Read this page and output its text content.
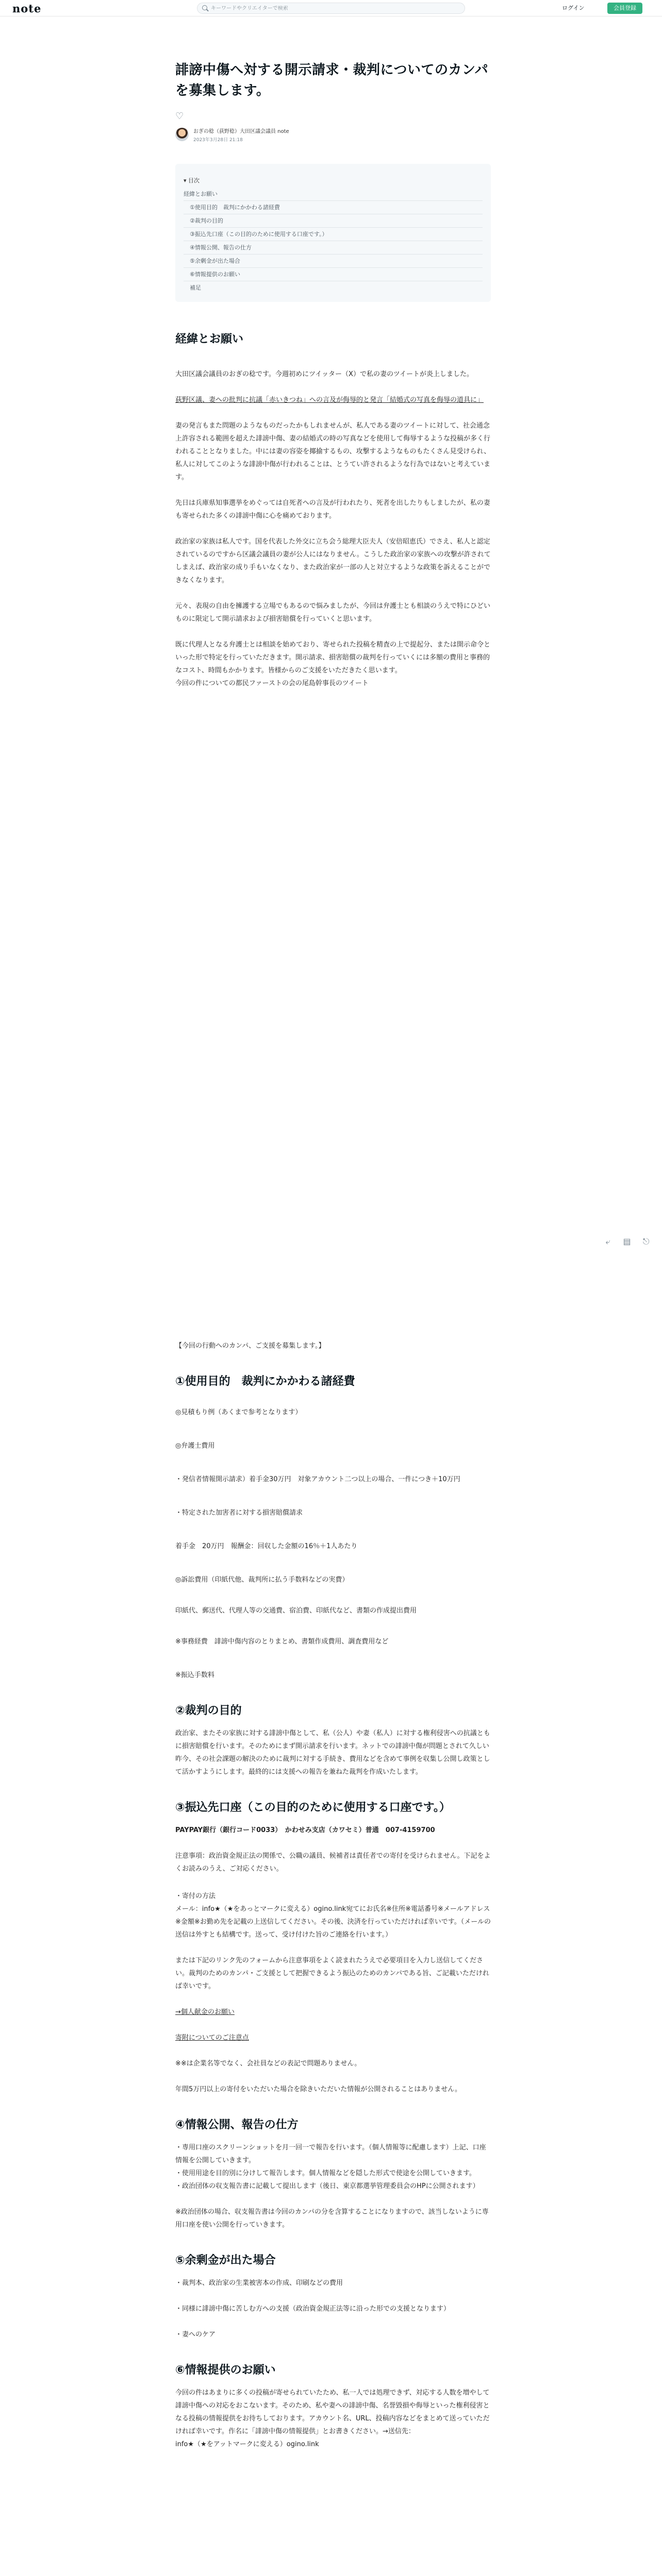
note
キーワードやクリエイターで検索	ログイン	会員登録
誹謗中傷へ対する開示請求・裁判についてのカンパを募集します。
♡
おぎの稔（荻野稔）大田区議会議員 note
2023年3月28日 21:18
▾ 目次
経緯とお願い
①使用目的　裁判にかかわる諸経費
②裁判の目的
③振込先口座（この目的のために使用する口座です。）
④情報公開、報告の仕方
⑤余剰金が出た場合
⑥情報提供のお願い
補足
経緯とお願い
大田区議会議員のおぎの稔です。今週初めにツイッター（X）で私の妻のツイートが炎上しました。
荻野区議、妻への批判に抗議「赤いきつね」への言及が侮辱的と発言「結婚式の写真を侮辱の道具に」
妻の発言もまた問題のようなものだったかもしれませんが、私人である妻のツイートに対して、社会通念上許容される範囲を超えた誹謗中傷、妻の結婚式の時の写真などを使用して侮辱するような投稿が多く行われることとなりました。中には妻の容姿を揶揄するもの、攻撃するようなものもたくさん見受けられ、私人に対してこのような誹謗中傷が行われることは、とうてい許されるような行為ではないと考えています。
先日は兵庫県知事選挙をめぐっては自死者への言及が行われたり、死者を出したりもしましたが、私の妻も寄せられた多くの誹謗中傷に心を痛めております。
政治家の家族は私人です。国を代表した外交に立ち会う総理大臣夫人（安倍昭恵氏）でさえ、私人と認定されているのですから区議会議員の妻が公人にはなりません。こうした政治家の家族への攻撃が許されてしまえば、政治家の成り手もいなくなり、また政治家が一部の人と対立するような政策を訴えることができなくなります。
元々、表現の自由を擁護する立場でもあるので悩みましたが、今回は弁護士とも相談のうえで特にひどいものに限定して開示請求および損害賠償を行っていくと思います。
既に代理人となる弁護士とは相談を始めており、寄せられた投稿を精査の上で提起分、または開示命令といった形で特定を行っていただきます。開示請求、損害賠償の裁判を行っていくには多額の費用と事務的なコスト、時間もかかります。皆様からのご支援をいただきたく思います。
今回の件についての都民ファーストの会の尾島幹事長のツイート
【今回の行動へのカンパ、ご支援を募集します。】
①使用目的　裁判にかかわる諸経費
◎見積もり例（あくまで参考となります）
◎弁護士費用
・発信者情報開示請求）着手金30万円　対象アカウント二つ以上の場合、一件につき＋10万円
・特定された加害者に対する損害賠償請求
着手金　20万円　報酬金：回収した金額の16％＋1人あたり
◎訴訟費用（印紙代他、裁判所に払う手数料などの実費）
印紙代、郵送代、代理人等の交通費、宿泊費、印紙代など、書類の作成提出費用
※事務経費　誹謗中傷内容のとりまとめ、書類作成費用、調査費用など
※振込手数料
②裁判の目的
政治家、またその家族に対する誹謗中傷として、私（公人）や妻（私人）に対する権利侵害への抗議ともに損害賠償を行います。そのためにまず開示請求を行います。ネットでの誹謗中傷が問題とされて久しい昨今、その社会課題の解決のために裁判に対する手続き、費用などを含めて事例を収集し公開し政策として活かすようにします。最終的には支援への報告を兼ねた裁判を作成いたします。
③振込先口座（この目的のために使用する口座です。）
PAYPAY銀行（銀行コード0033）　かわせみ支店（カワセミ）普通　007-4159700
注意事項：政治資金規正法の関係で、公職の議員、候補者は責任者での寄付を受けられません。下記をよくお読みのうえ、ご対応ください。
・寄付の方法
メール：info★（★をあっとマークに変える）ogino.link宛てにお氏名※住所※電話番号※メールアドレス※金額※お勤め先を記載の上送信してください。その後、決済を行っていただければ幸いです。（メールの送信は外すとも結構です。送って、受け付けた旨のご連絡を行います。）
または下記のリンク先のフォームから注意事項をよく読まれたうえで必要項目を入力し送信してください。裁判のためのカンパ・ご支援として把握できるよう振込のためのカンパである旨、ご記載いただければ幸いです。
→個人献金のお願い
寄附についてのご注意点
※※は企業名等でなく、会社員などの表記で問題ありません。
年間5万円以上の寄付をいただいた場合を除きいただいた情報が公開されることはありません。
④情報公開、報告の仕方
・専用口座のスクリーンショットを月一回一で報告を行います。（個人情報等に配慮します）上記、口座情報を公開していきます。
・使用用途を目的別に分けして報告します。個人情報などを隠した形式で使途を公開していきます。
・政治団体の収支報告書に記載して提出します（後日、東京都選挙管理委員会のHPに公開されます）
※政治団体の場合、収支報告書は今回のカンパの分を含算することになりますので、該当しないように専用口座を使い公開を行っていきます。
⑤余剰金が出た場合
・裁判本、政治家の生業被害本の作成、印刷などの費用
・同様に誹謗中傷に苦しむ方への支援（政治資金規正法等に沿った形での支援となります）
・妻へのケア
⑥情報提供のお願い
今回の件はあまりに多くの投稿が寄せられていたため、私一人では処理できず、対応する人数を増やして誹謗中傷への対応をおこないます。そのため、私や妻への誹謗中傷、名誉毀損や侮辱といった権利侵害となる投稿の情報提供をお待ちしております。アカウント名、URL、投稿内容などをまとめて送っていただければ幸いです。作名に「誹謗中傷の情報提供」とお書きください。→送信先：
info★（★をアットマークに変える）ogino.link
⤶ ▤ ⎋
